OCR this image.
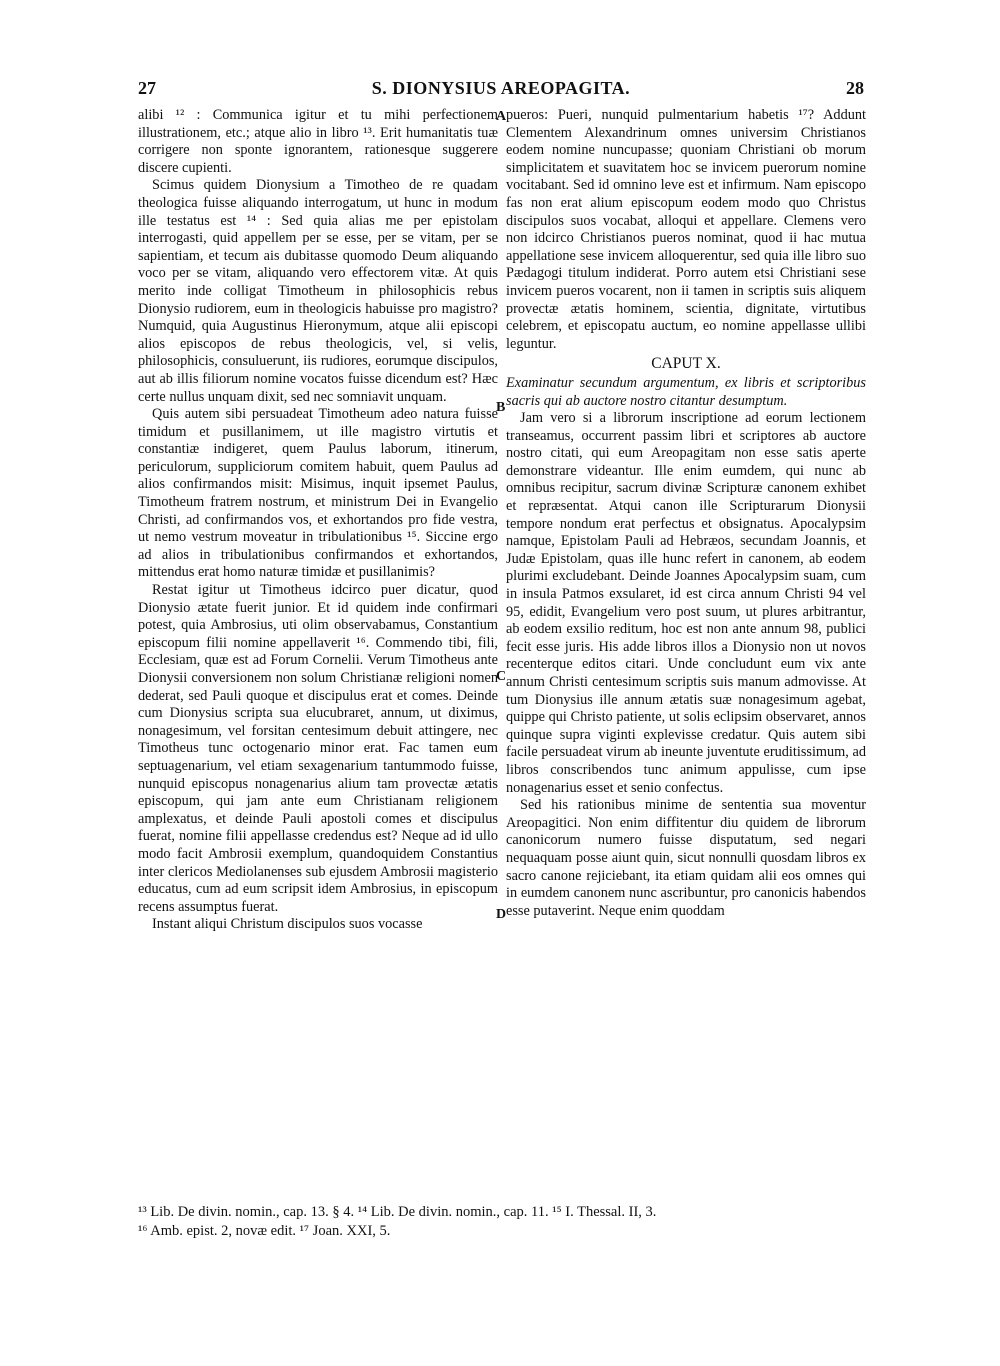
27	S. DIONYSIUS AREOPAGITA.	28

alibi ¹² : Communica igitur et tu mihi perfectionem illustrationem, etc.; atque alio in libro ¹³. Erit humanitatis tuæ corrigere non sponte ignorantem, rationesque suggerere discere cupienti.

Scimus quidem Dionysium a Timotheo de re quadam theologica fuisse aliquando interrogatum, ut hunc in modum ille testatus est ¹⁴ : Sed quia alias me per epistolam interrogasti, quid appellem per se esse, per se vitam, per se sapientiam, et tecum ais dubitasse quomodo Deum aliquando voco per se vitam, aliquando vero effectorem vitæ. At quis merito inde colligat Timotheum in philosophicis rebus Dionysio rudiorem, eum in theologicis habuisse pro magistro? Numquid, quia Augustinus Hieronymum, atque alii episcopi alios episcopos de rebus theologicis, vel, si velis, philosophicis, consuluerunt, iis rudiores, eorumque discipulos, aut ab illis filiorum nomine vocatos fuisse dicendum est? Hæc certe nullus unquam dixit, sed nec somniavit unquam.

Quis autem sibi persuadeat Timotheum adeo natura fuisse timidum et pusillanimem, ut ille magistro virtutis et constantiæ indigeret, quem Paulus laborum, itinerum, periculorum, suppliciorum comitem habuit, quem Paulus ad alios confirmandos misit: Misimus, inquit ipsemet Paulus, Timotheum fratrem nostrum, et ministrum Dei in Evangelio Christi, ad confirmandos vos, et exhortandos pro fide vestra, ut nemo vestrum moveatur in tribulationibus ¹⁵. Siccine ergo ad alios in tribulationibus confirmandos et exhortandos, mittendus erat homo naturæ timidæ et pusillanimis?

Restat igitur ut Timotheus idcirco puer dicatur, quod Dionysio ætate fuerit junior. Et id quidem inde confirmari potest, quia Ambrosius, uti olim observabamus, Constantium episcopum filii nomine appellaverit ¹⁶. Commendo tibi, fili, Ecclesiam, quæ est ad Forum Cornelii. Verum Timotheus ante Dionysii conversionem non solum Christianæ religioni nomen dederat, sed Pauli quoque et discipulus erat et comes. Deinde cum Dionysius scripta sua elucubraret, annum, ut diximus, nonagesimum, vel forsitan centesimum debuit attingere, nec Timotheus tunc octogenario minor erat. Fac tamen eum septuagenarium, vel etiam sexagenarium tantummodo fuisse, nunquid episcopus nonagenarius alium tam provectæ ætatis episcopum, qui jam ante eum Christianam religionem amplexatus, et deinde Pauli apostoli comes et discipulus fuerat, nomine filii appellasse credendus est? Neque ad id ullo modo facit Ambrosii exemplum, quandoquidem Constantius inter clericos Mediolanenses sub ejusdem Ambrosii magisterio educatus, cum ad eum scripsit idem Ambrosius, in episcopum recens assumptus fuerat.

Instant aliqui Christum discipulos suos vocasse

A
B
C
D

pueros: Pueri, nunquid pulmentarium habetis ¹⁷? Addunt Clementem Alexandrinum omnes universim Christianos eodem nomine nuncupasse; quoniam Christiani ob morum simplicitatem et suavitatem hoc se invicem puerorum nomine vocitabant. Sed id omnino leve est et infirmum. Nam episcopo fas non erat alium episcopum eodem modo quo Christus discipulos suos vocabat, alloqui et appellare. Clemens vero non idcirco Christianos pueros nominat, quod ii hac mutua appellatione sese invicem alloquerentur, sed quia ille libro suo Pædagogi titulum indiderat. Porro autem etsi Christiani sese invicem pueros vocarent, non ii tamen in scriptis suis aliquem provectæ ætatis hominem, scientia, dignitate, virtutibus celebrem, et episcopatu auctum, eo nomine appellasse ullibi leguntur.

CAPUT X.

Examinatur secundum argumentum, ex libris et scriptoribus sacris qui ab auctore nostro citantur desumptum.

Jam vero si a librorum inscriptione ad eorum lectionem transeamus, occurrent passim libri et scriptores ab auctore nostro citati, qui eum Areopagitam non esse satis aperte demonstrare videantur. Ille enim eumdem, qui nunc ab omnibus recipitur, sacrum divinæ Scripturæ canonem exhibet et repræsentat. Atqui canon ille Scripturarum Dionysii tempore nondum erat perfectus et obsignatus. Apocalypsim namque, Epistolam Pauli ad Hebræos, secundam Joannis, et Judæ Epistolam, quas ille hunc refert in canonem, ab eodem plurimi excludebant. Deinde Joannes Apocalypsim suam, cum in insula Patmos exsularet, id est circa annum Christi 94 vel 95, edidit, Evangelium vero post suum, ut plures arbitrantur, ab eodem exsilio reditum, hoc est non ante annum 98, publici fecit esse juris. His adde libros illos a Dionysio non ut novos recenterque editos citari. Unde concludunt eum vix ante annum Christi centesimum scriptis suis manum admovisse. At tum Dionysius ille annum ætatis suæ nonagesimum agebat, quippe qui Christo patiente, ut solis eclipsim observaret, annos quinque supra viginti explevisse credatur. Quis autem sibi facile persuadeat virum ab ineunte juventute eruditissimum, ad libros conscribendos tunc animum appulisse, cum ipse nonagenarius esset et senio confectus.

Sed his rationibus minime de sententia sua moventur Areopagitici. Non enim diffitentur diu quidem de librorum canonicorum numero fuisse disputatum, sed negari nequaquam posse aiunt quin, sicut nonnulli quosdam libros ex sacro canone rejiciebant, ita etiam quidam alii eos omnes qui in eumdem canonem nunc ascribuntur, pro canonicis habendos esse putaverint. Neque enim quoddam

¹³ Lib. De divin. nomin., cap. 13. § 4. ¹⁴ Lib. De divin. nomin., cap. 11. ¹⁵ I. Thessal. II, 3.

¹⁶ Amb. epist. 2, novæ edit. ¹⁷ Joan. XXI, 5.
